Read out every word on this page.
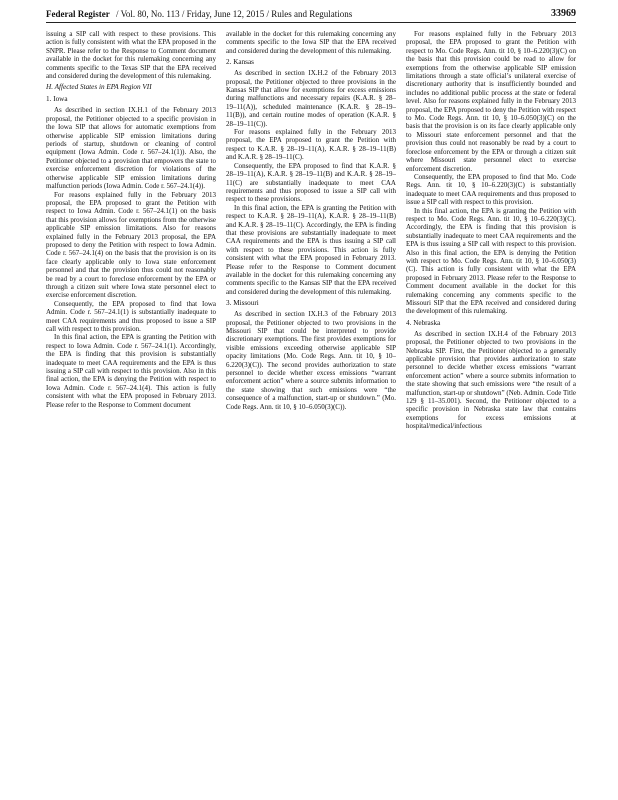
Federal Register / Vol. 80, No. 113 / Friday, June 12, 2015 / Rules and Regulations	33969

issuing a SIP call with respect to these provisions. This action is fully consistent with what the EPA proposed in the SNPR. Please refer to the Response to Comment document available in the docket for this rulemaking concerning any comments specific to the Texas SIP that the EPA received and considered during the development of this rulemaking.

H. Affected States in EPA Region VII
1. Iowa

As described in section IX.H.1 of the February 2013 proposal, the Petitioner objected to a specific provision in the Iowa SIP that allows for automatic exemptions from otherwise applicable SIP emission limitations during periods of startup, shutdown or cleaning of control equipment (Iowa Admin. Code r. 567–24.1(1)). Also, the Petitioner objected to a provision that empowers the state to exercise enforcement discretion for violations of the otherwise applicable SIP emission limitations during malfunction periods (Iowa Admin. Code r. 567–24.1(4)).

For reasons explained fully in the February 2013 proposal, the EPA proposed to grant the Petition with respect to Iowa Admin. Code r. 567–24.1(1) on the basis that this provision allows for exemptions from the otherwise applicable SIP emission limitations. Also for reasons explained fully in the February 2013 proposal, the EPA proposed to deny the Petition with respect to Iowa Admin. Code r. 567–24.1(4) on the basis that the provision is on its face clearly applicable only to Iowa state enforcement personnel and that the provision thus could not reasonably be read by a court to foreclose enforcement by the EPA or through a citizen suit where Iowa state personnel elect to exercise enforcement discretion.

Consequently, the EPA proposed to find that Iowa Admin. Code r. 567–24.1(1) is substantially inadequate to meet CAA requirements and thus proposed to issue a SIP call with respect to this provision.

In this final action, the EPA is granting the Petition with respect to Iowa Admin. Code r. 567–24.1(1). Accordingly, the EPA is finding that this provision is substantially inadequate to meet CAA requirements and the EPA is thus issuing a SIP call with respect to this provision. Also in this final action, the EPA is denying the Petition with respect to Iowa Admin. Code r. 567–24.1(4). This action is fully consistent with what the EPA proposed in February 2013. Please refer to the Response to Comment document

available in the docket for this rulemaking concerning any comments specific to the Iowa SIP that the EPA received and considered during the development of this rulemaking.

2. Kansas

As described in section IX.H.2 of the February 2013 proposal, the Petitioner objected to three provisions in the Kansas SIP that allow for exemptions for excess emissions during malfunctions and necessary repairs (K.A.R. § 28–19–11(A)), scheduled maintenance (K.A.R. § 28–19–11(B)), and certain routine modes of operation (K.A.R. § 28–19–11(C)).

For reasons explained fully in the February 2013 proposal, the EPA proposed to grant the Petition with respect to K.A.R. § 28–19–11(A), K.A.R. § 28–19–11(B) and K.A.R. § 28–19–11(C).

Consequently, the EPA proposed to find that K.A.R. § 28–19–11(A), K.A.R. § 28–19–11(B) and K.A.R. § 28–19–11(C) are substantially inadequate to meet CAA requirements and thus proposed to issue a SIP call with respect to these provisions.

In this final action, the EPA is granting the Petition with respect to K.A.R. § 28–19–11(A), K.A.R. § 28–19–11(B) and K.A.R. § 28–19–11(C). Accordingly, the EPA is finding that these provisions are substantially inadequate to meet CAA requirements and the EPA is thus issuing a SIP call with respect to these provisions. This action is fully consistent with what the EPA proposed in February 2013. Please refer to the Response to Comment document available in the docket for this rulemaking concerning any comments specific to the Kansas SIP that the EPA received and considered during the development of this rulemaking.

3. Missouri

As described in section IX.H.3 of the February 2013 proposal, the Petitioner objected to two provisions in the Missouri SIP that could be interpreted to provide discretionary exemptions. The first provides exemptions for visible emissions exceeding otherwise applicable SIP opacity limitations (Mo. Code Regs. Ann. tit 10, § 10–6.220(3)(C)). The second provides authorization to state personnel to decide whether excess emissions “warrant enforcement action” where a source submits information to the state showing that such emissions were “the consequence of a malfunction, start-up or shutdown.” (Mo. Code Regs. Ann. tit 10, § 10–6.050(3)(C)).

For reasons explained fully in the February 2013 proposal, the EPA proposed to grant the Petition with respect to Mo. Code Regs. Ann. tit 10, § 10–6.220(3)(C) on the basis that this provision could be read to allow for exemptions from the otherwise applicable SIP emission limitations through a state official’s unilateral exercise of discretionary authority that is insufficiently bounded and includes no additional public process at the state or federal level. Also for reasons explained fully in the February 2013 proposal, the EPA proposed to deny the Petition with respect to Mo. Code Regs. Ann. tit 10, § 10–6.050(3)(C) on the basis that the provision is on its face clearly applicable only to Missouri state enforcement personnel and that the provision thus could not reasonably be read by a court to foreclose enforcement by the EPA or through a citizen suit where Missouri state personnel elect to exercise enforcement discretion.

Consequently, the EPA proposed to find that Mo. Code Regs. Ann. tit 10, § 10–6.220(3)(C) is substantially inadequate to meet CAA requirements and thus proposed to issue a SIP call with respect to this provision.

In this final action, the EPA is granting the Petition with respect to Mo. Code Regs. Ann. tit 10, § 10–6.220(3)(C). Accordingly, the EPA is finding that this provision is substantially inadequate to meet CAA requirements and the EPA is thus issuing a SIP call with respect to this provision. Also in this final action, the EPA is denying the Petition with respect to Mo. Code Regs. Ann. tit 10, § 10–6.050(3)(C). This action is fully consistent with what the EPA proposed in February 2013. Please refer to the Response to Comment document available in the docket for this rulemaking concerning any comments specific to the Missouri SIP that the EPA received and considered during the development of this rulemaking.

4. Nebraska

As described in section IX.H.4 of the February 2013 proposal, the Petitioner objected to two provisions in the Nebraska SIP. First, the Petitioner objected to a generally applicable provision that provides authorization to state personnel to decide whether excess emissions “warrant enforcement action” where a source submits information to the state showing that such emissions were “the result of a malfunction, start-up or shutdown” (Neb. Admin. Code Title 129 § 11–35.001). Second, the Petitioner objected to a specific provision in Nebraska state law that contains exemptions for excess emissions at hospital/medical/infectious
